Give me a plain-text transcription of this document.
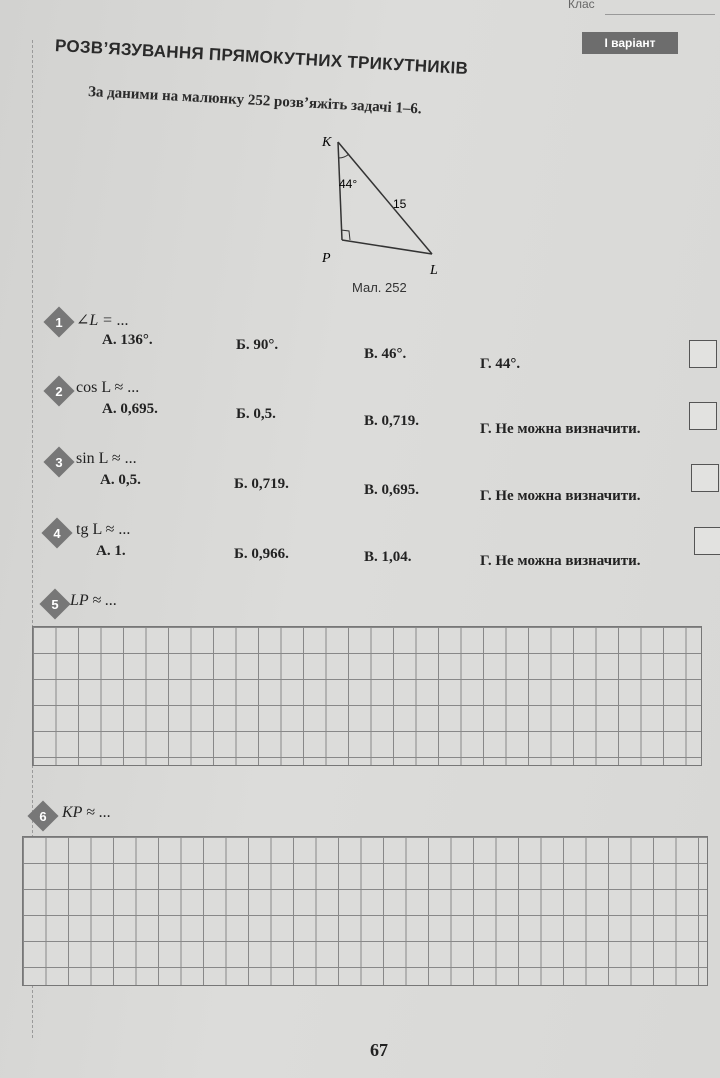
Клас
І варіант
РОЗВ’ЯЗУВАННЯ ПРЯМОКУТНИХ ТРИКУТНИКІВ
За даними на малюнку 252 розв’яжіть задачі 1–6.
K
P
L
44°
15
Мал. 252
1 ∠L = ...
А. 136°.	Б. 90°.
В. 46°.
Г. 44°.
2 cos L ≈ ...
А. 0,695.	Б. 0,5.	В. 0,719.	Г. Не можна визначити.
3 sin L ≈ ...
А. 0,5.	Б. 0,719.	В. 0,695.	Г. Не можна визначити.
4 tg L ≈ ...
А. 1.	Б. 0,966.	В. 1,04.	Г. Не можна визначити.
5 LP ≈ ...
6 KP ≈ ...
67
